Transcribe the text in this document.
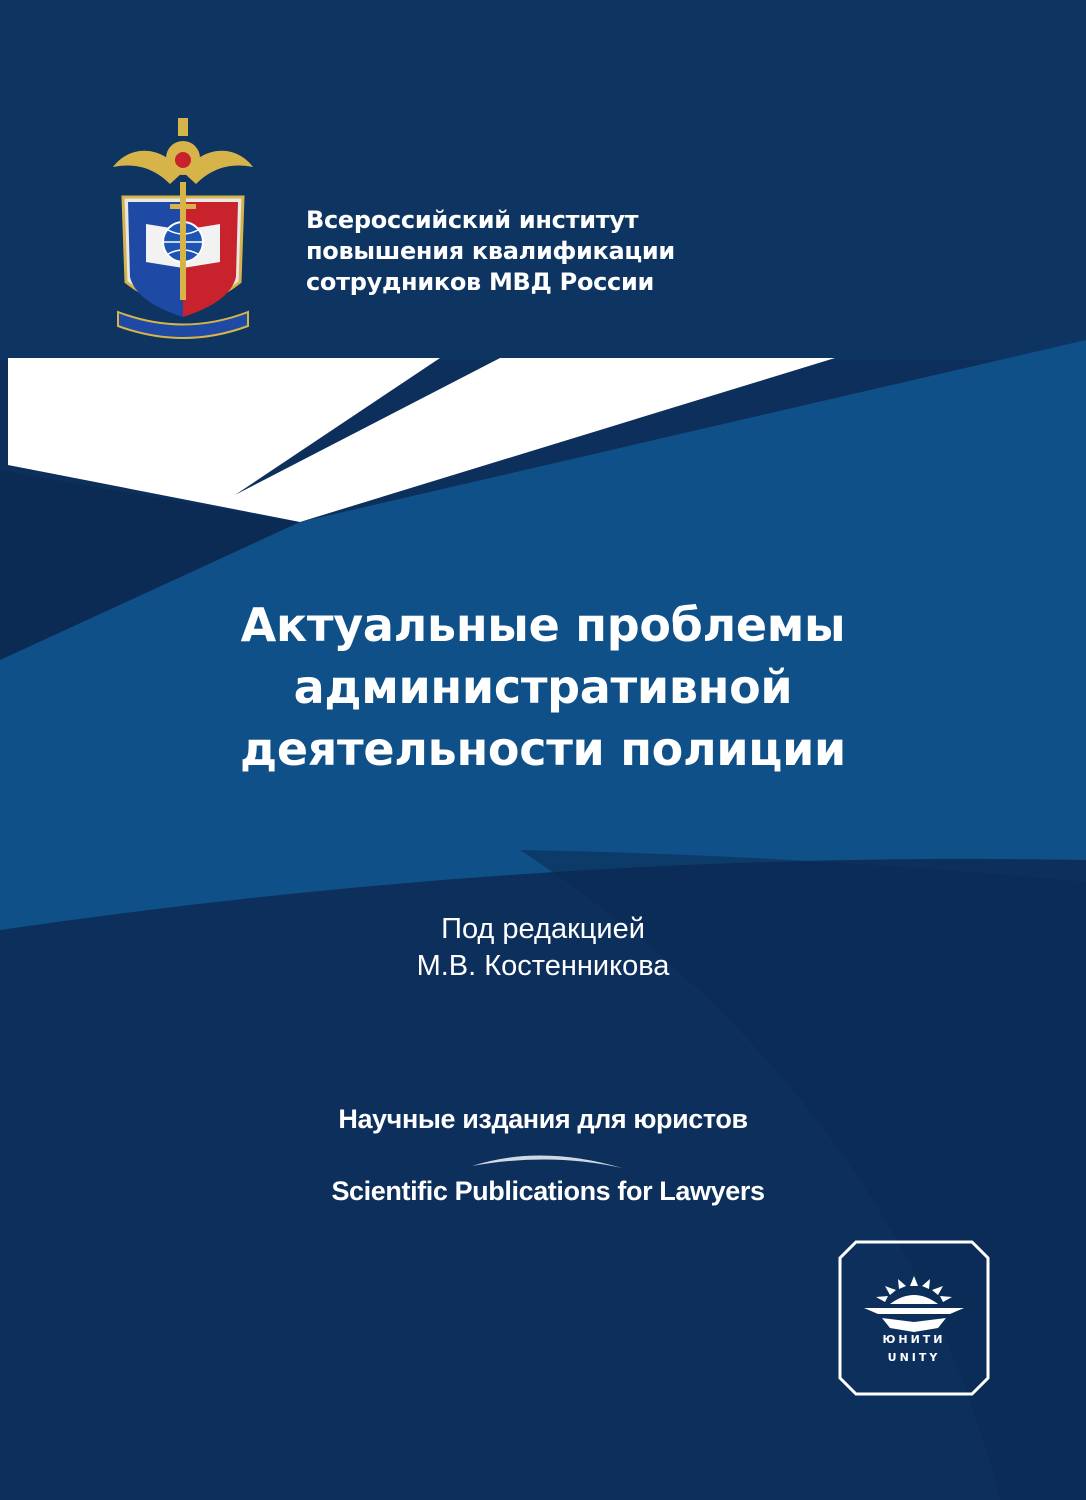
Всероссийский институт
повышения квалификации
сотрудников МВД России
Актуальные проблемы
административной
деятельности полиции
Под редакцией
М.В. Костенникова
Научные издания для юристов
Scientific Publications for Lawyers
ЮНИТИ
UNITY
